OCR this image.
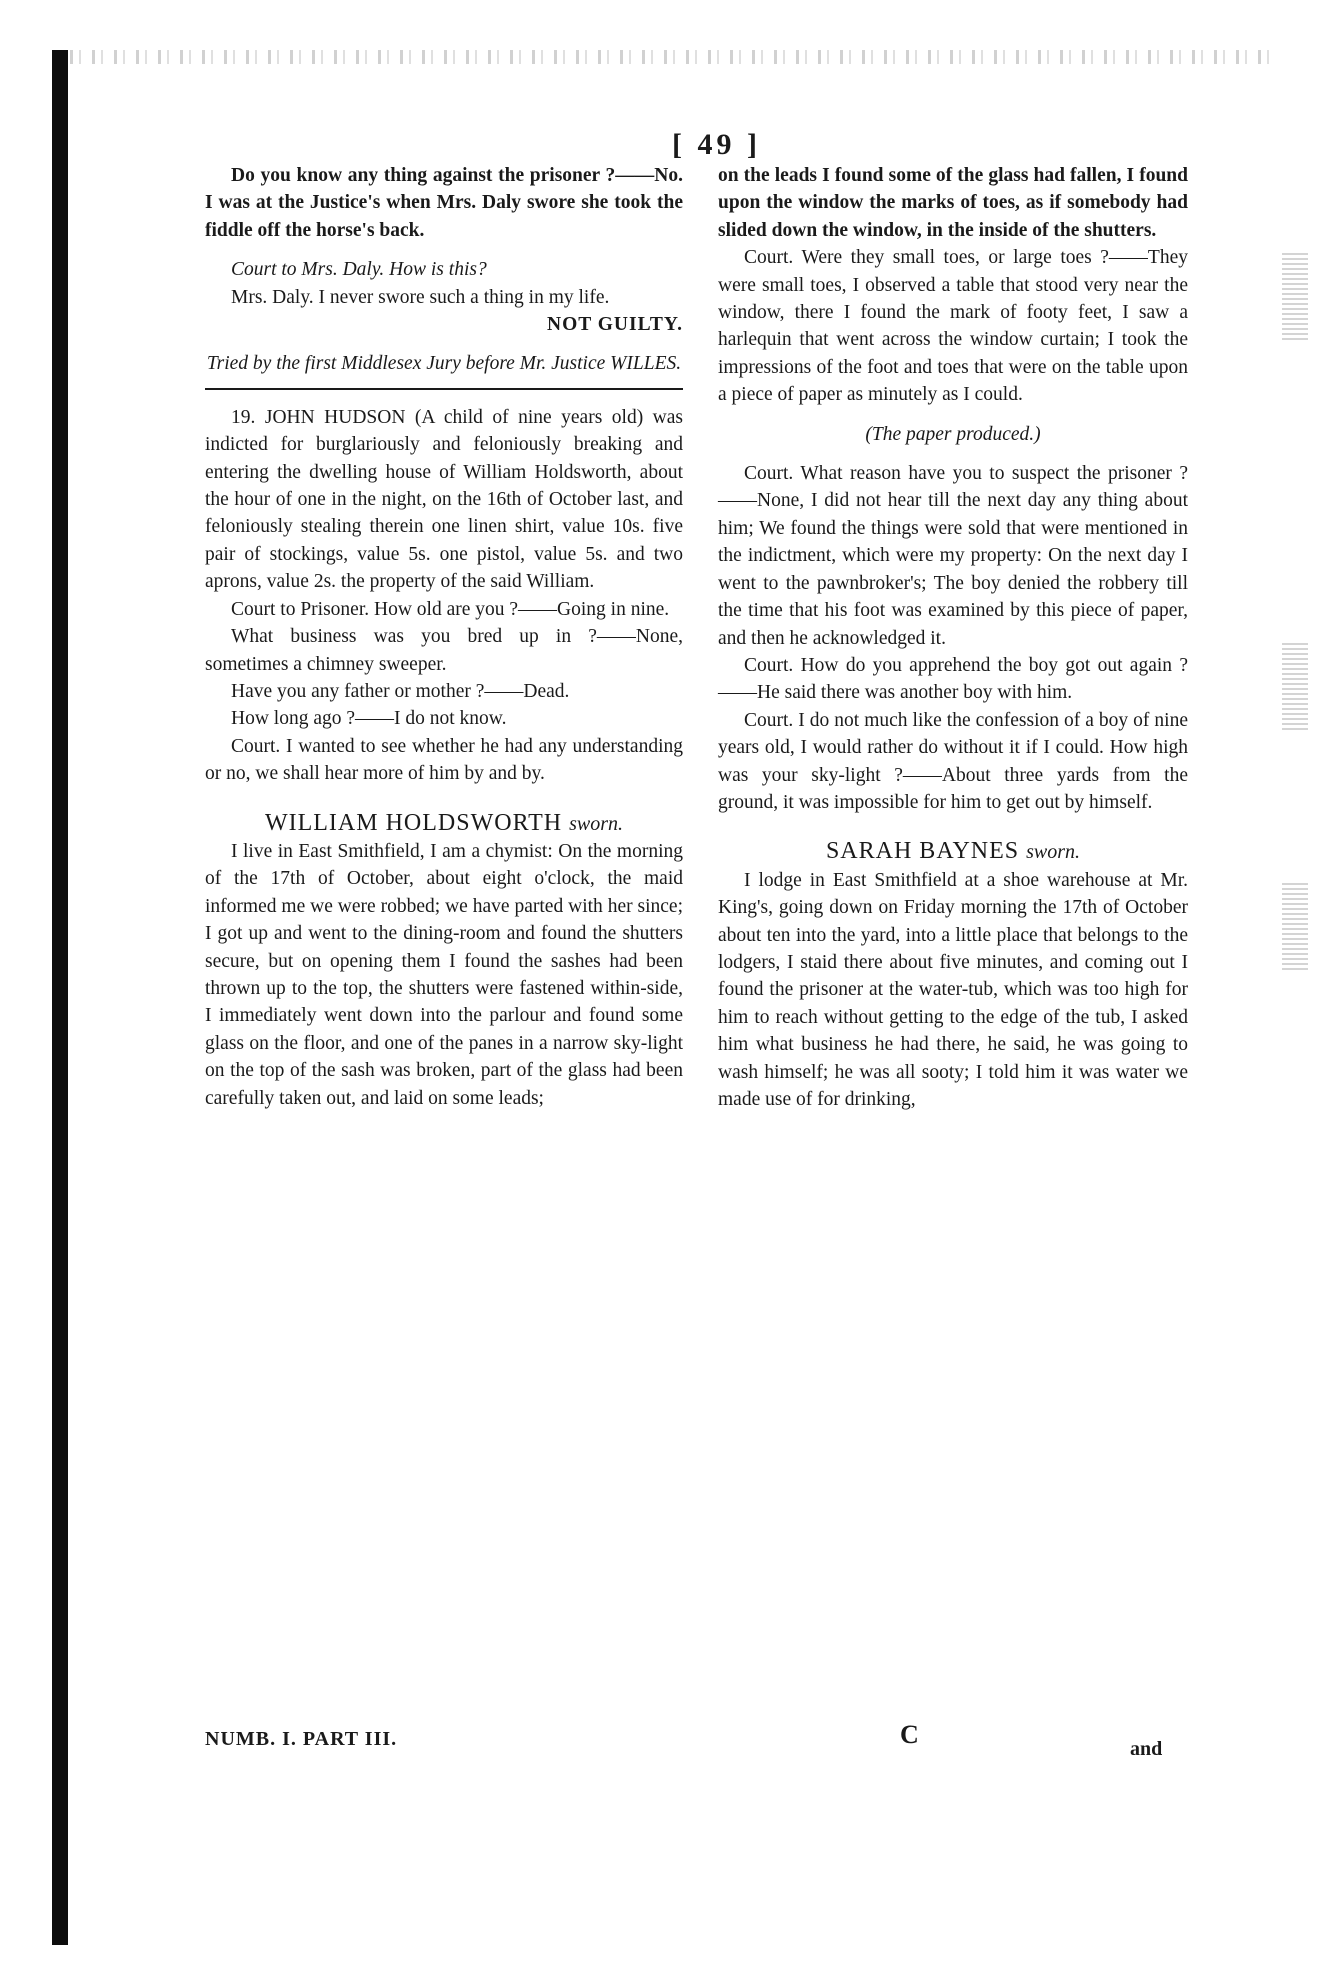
[ 49 ]

Do you know any thing against the prisoner ?——No. I was at the Justice's when Mrs. Daly swore she took the fiddle off the horse's back.

Court to Mrs. Daly. How is this?

Mrs. Daly. I never swore such a thing in my life.

NOT GUILTY.

Tried by the first Middlesex Jury before Mr. Justice WILLES.

19. JOHN HUDSON (A child of nine years old) was indicted for burglariously and feloniously breaking and entering the dwelling house of William Holdsworth, about the hour of one in the night, on the 16th of October last, and feloniously stealing therein one linen shirt, value 10s. five pair of stockings, value 5s. one pistol, value 5s. and two aprons, value 2s. the property of the said William.

Court to Prisoner. How old are you ?——Going in nine.

What business was you bred up in ?——None, sometimes a chimney sweeper.

Have you any father or mother ?——Dead.

How long ago ?——I do not know.

Court. I wanted to see whether he had any understanding or no, we shall hear more of him by and by.

WILLIAM HOLDSWORTH sworn.

I live in East Smithfield, I am a chymist: On the morning of the 17th of October, about eight o'clock, the maid informed me we were robbed; we have parted with her since; I got up and went to the dining-room and found the shutters secure, but on opening them I found the sashes had been thrown up to the top, the shutters were fastened within-side, I immediately went down into the parlour and found some glass on the floor, and one of the panes in a narrow sky-light on the top of the sash was broken, part of the glass had been carefully taken out, and laid on some leads;

on the leads I found some of the glass had fallen, I found upon the window the marks of toes, as if somebody had slided down the window, in the inside of the shutters.

Court. Were they small toes, or large toes ?——They were small toes, I observed a table that stood very near the window, there I found the mark of footy feet, I saw a harlequin that went across the window curtain; I took the impressions of the foot and toes that were on the table upon a piece of paper as minutely as I could.

(The paper produced.)

Court. What reason have you to suspect the prisoner ?——None, I did not hear till the next day any thing about him; We found the things were sold that were mentioned in the indictment, which were my property: On the next day I went to the pawnbroker's; The boy denied the robbery till the time that his foot was examined by this piece of paper, and then he acknowledged it.

Court. How do you apprehend the boy got out again ?——He said there was another boy with him.

Court. I do not much like the confession of a boy of nine years old, I would rather do without it if I could. How high was your sky-light ?——About three yards from the ground, it was impossible for him to get out by himself.

SARAH BAYNES sworn.

I lodge in East Smithfield at a shoe warehouse at Mr. King's, going down on Friday morning the 17th of October about ten into the yard, into a little place that belongs to the lodgers, I staid there about five minutes, and coming out I found the prisoner at the water-tub, which was too high for him to reach without getting to the edge of the tub, I asked him what business he had there, he said, he was going to wash himself; he was all sooty; I told him it was water we made use of for drinking,

NUMB. I. PART III.	C	and
